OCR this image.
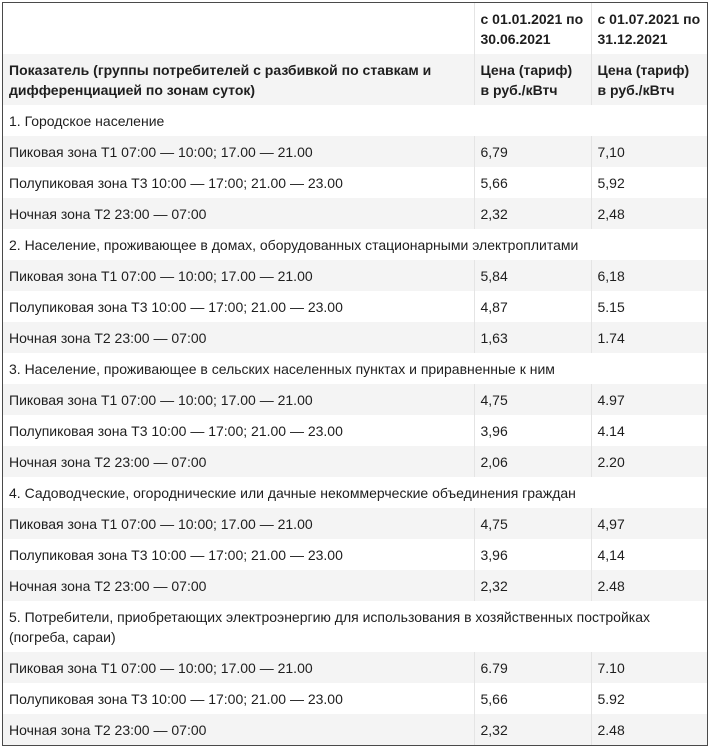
	с 01.01.2021 по 30.06.2021	с 01.07.2021 по 31.12.2021
Показатель (группы потребителей с разбивкой по ставкам и дифференциацией по зонам суток)	Цена (тариф) в руб./кВтч	Цена (тариф) в руб./кВтч
1. Городское население		
Пиковая зона Т1 07:00 — 10:00; 17.00 — 21.00	6,79	7,10
Полупиковая зона Т3 10:00 — 17:00; 21.00 — 23.00	5,66	5,92
Ночная зона Т2 23:00 — 07:00	2,32	2,48
2. Население, проживающее в домах, оборудованных стационарными электроплитами		
Пиковая зона Т1 07:00 — 10:00; 17.00 — 21.00	5,84	6,18
Полупиковая зона Т3 10:00 — 17:00; 21.00 — 23.00	4,87	5.15
Ночная зона Т2 23:00 — 07:00	1,63	1.74
3. Население, проживающее в сельских населенных пунктах и приравненные к ним		
Пиковая зона Т1 07:00 — 10:00; 17.00 — 21.00	4,75	4.97
Полупиковая зона Т3 10:00 — 17:00; 21.00 — 23.00	3,96	4.14
Ночная зона Т2 23:00 — 07:00	2,06	2.20
4. Садоводческие, огороднические или дачные некоммерческие объединения граждан		
Пиковая зона Т1 07:00 — 10:00; 17.00 — 21.00	4,75	4,97
Полупиковая зона Т3 10:00 — 17:00; 21.00 — 23.00	3,96	4,14
Ночная зона Т2 23:00 — 07:00	2,32	2.48
5. Потребители, приобретающих электроэнергию для использования в хозяйственных постройках (погреба, сараи)		
Пиковая зона Т1 07:00 — 10:00; 17.00 — 21.00	6.79	7.10
Полупиковая зона Т3 10:00 — 17:00; 21.00 — 23.00	5,66	5.92
Ночная зона Т2 23:00 — 07:00	2,32	2.48
